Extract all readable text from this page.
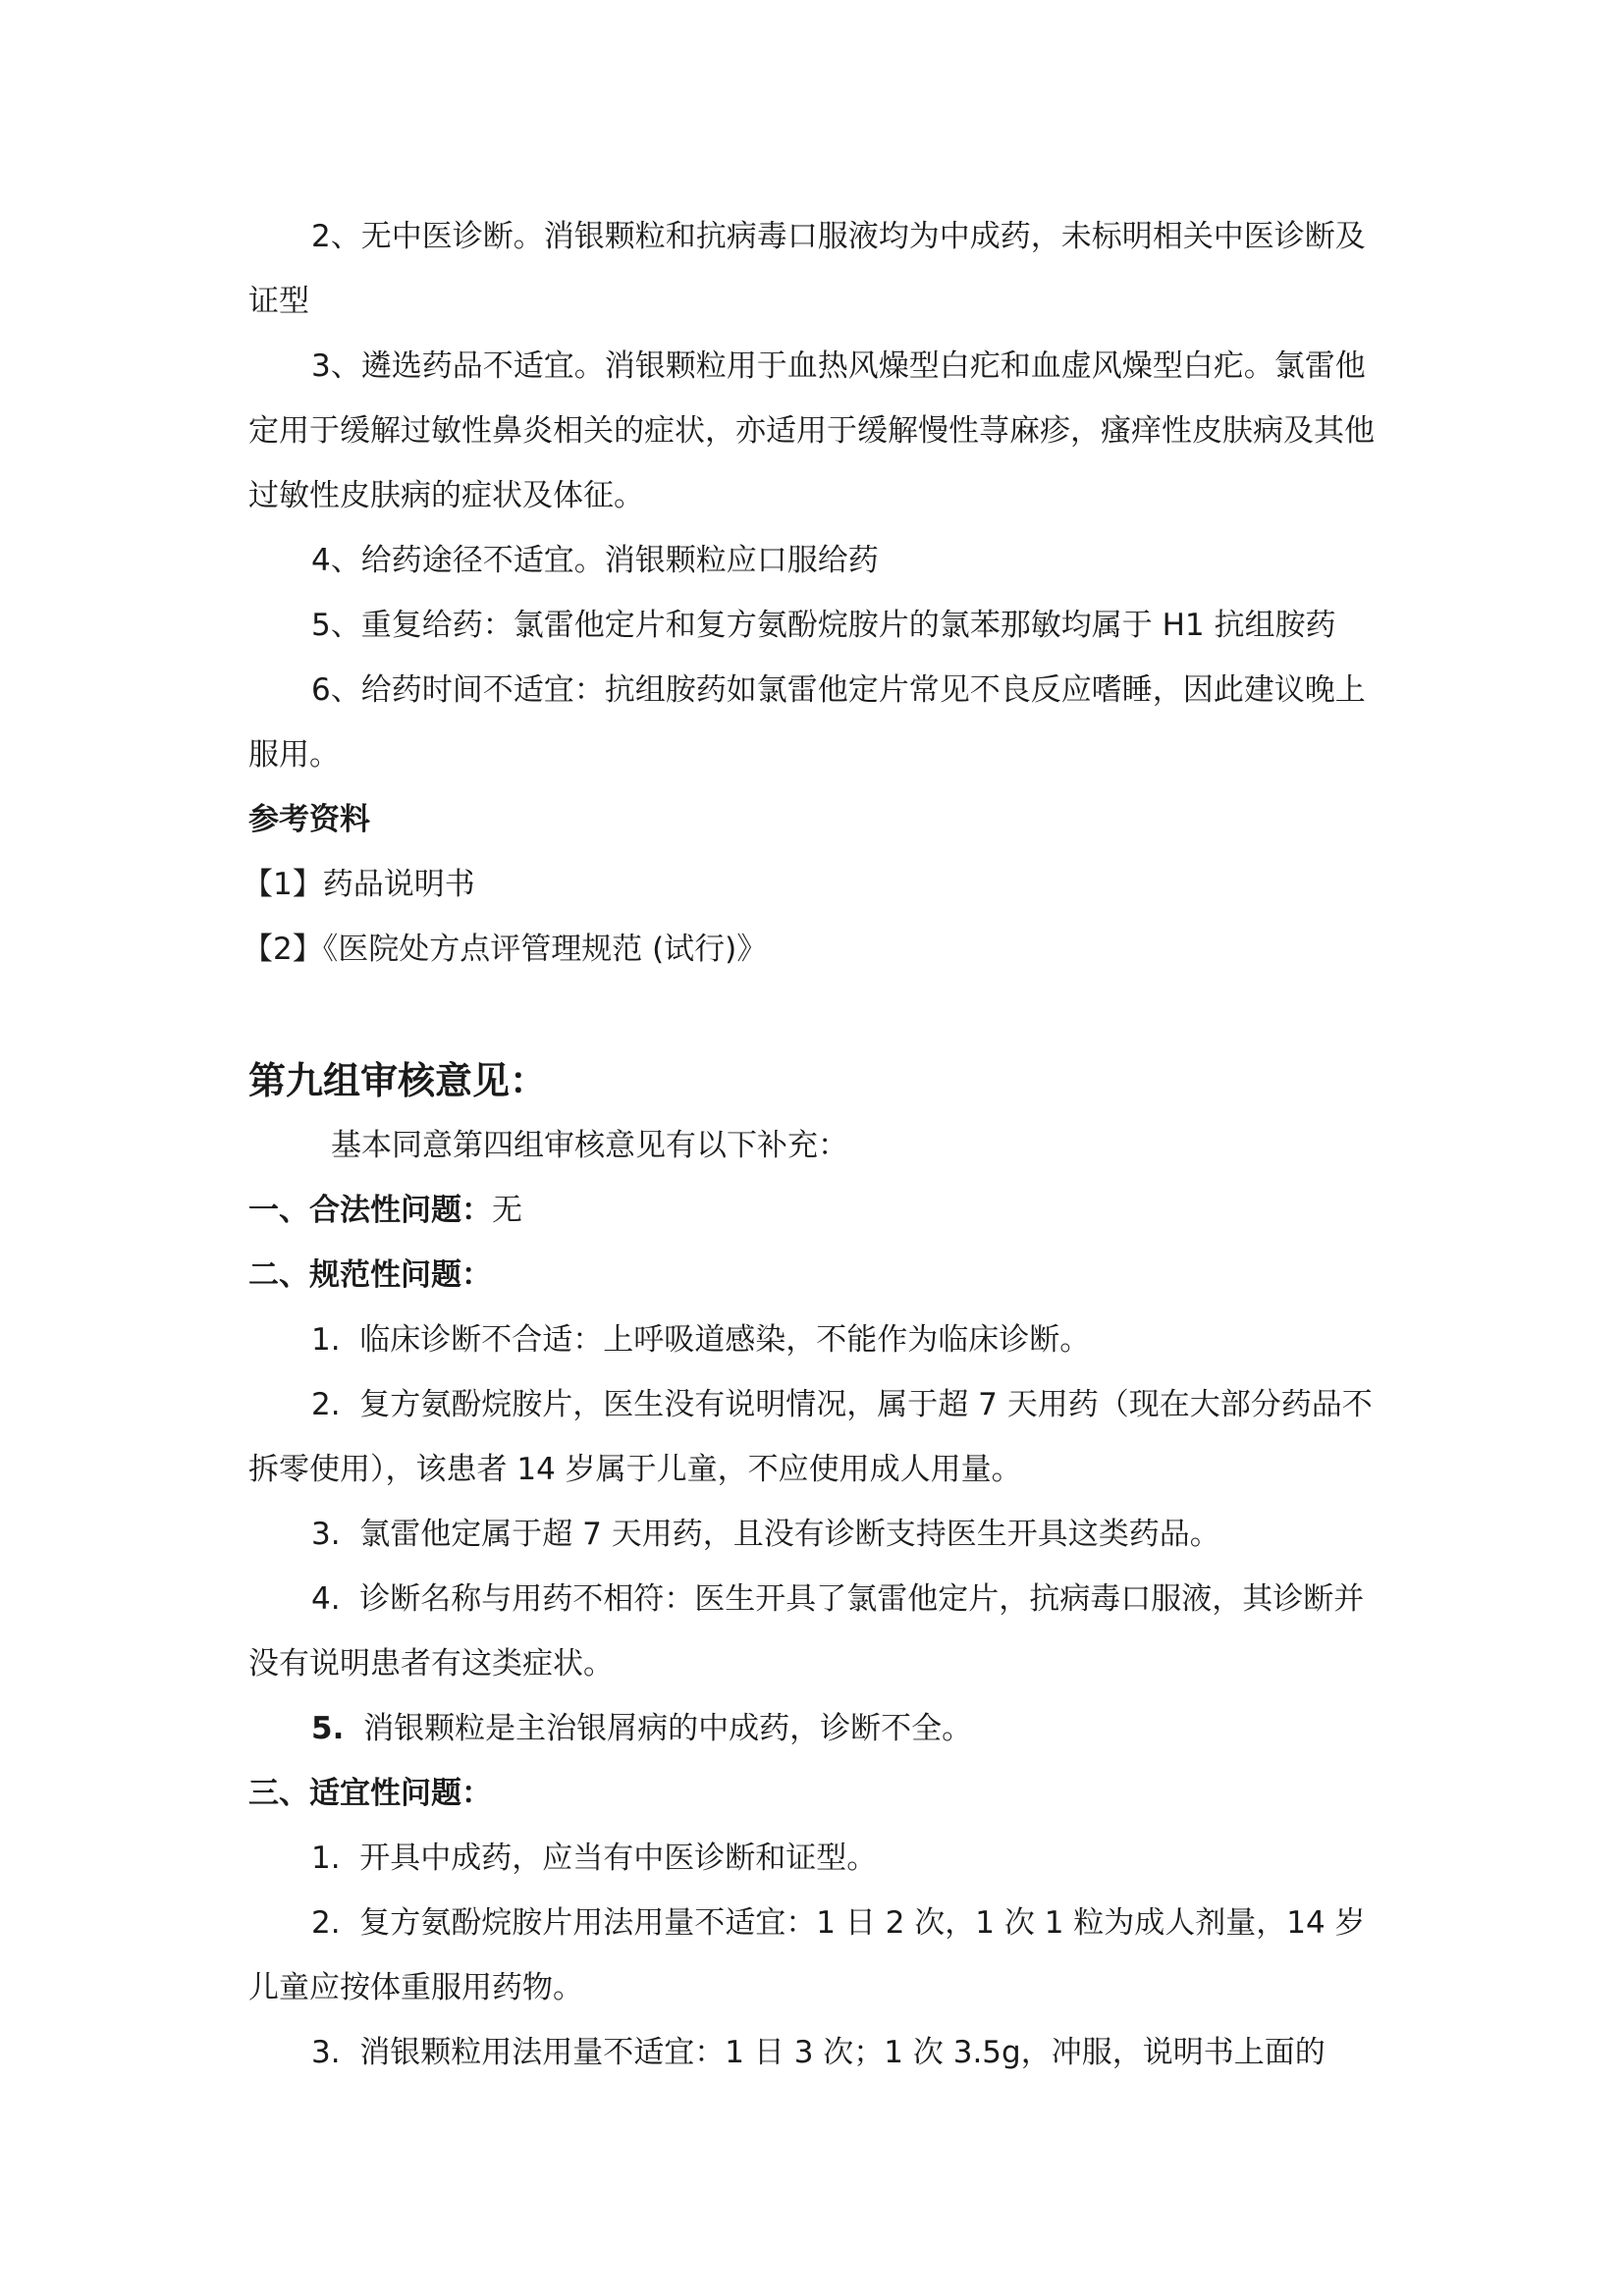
2、无中医诊断。消银颗粒和抗病毒口服液均为中成药，未标明相关中医诊断及证型

3、遴选药品不适宜。消银颗粒用于血热风燥型白疕和血虚风燥型白疕。氯雷他定用于缓解过敏性鼻炎相关的症状，亦适用于缓解慢性荨麻疹，瘙痒性皮肤病及其他过敏性皮肤病的症状及体征。

4、给药途径不适宜。消银颗粒应口服给药

5、重复给药：氯雷他定片和复方氨酚烷胺片的氯苯那敏均属于 H1 抗组胺药

6、给药时间不适宜：抗组胺药如氯雷他定片常见不良反应嗜睡，因此建议晚上服用。

参考资料

【1】药品说明书

【2】《医院处方点评管理规范 (试行)》

第九组审核意见：

基本同意第四组审核意见有以下补充：

一、合法性问题：无

二、规范性问题：

1. 临床诊断不合适：上呼吸道感染，不能作为临床诊断。

2. 复方氨酚烷胺片，医生没有说明情况，属于超 7 天用药（现在大部分药品不拆零使用），该患者 14 岁属于儿童，不应使用成人用量。

3. 氯雷他定属于超 7 天用药，且没有诊断支持医生开具这类药品。

4. 诊断名称与用药不相符：医生开具了氯雷他定片，抗病毒口服液，其诊断并没有说明患者有这类症状。

5. 消银颗粒是主治银屑病的中成药，诊断不全。

三、适宜性问题：

1. 开具中成药，应当有中医诊断和证型。

2. 复方氨酚烷胺片用法用量不适宜：1 日 2 次，1 次 1 粒为成人剂量，14 岁儿童应按体重服用药物。

3. 消银颗粒用法用量不适宜：1 日 3 次；1 次 3.5g，冲服，说明书上面的
